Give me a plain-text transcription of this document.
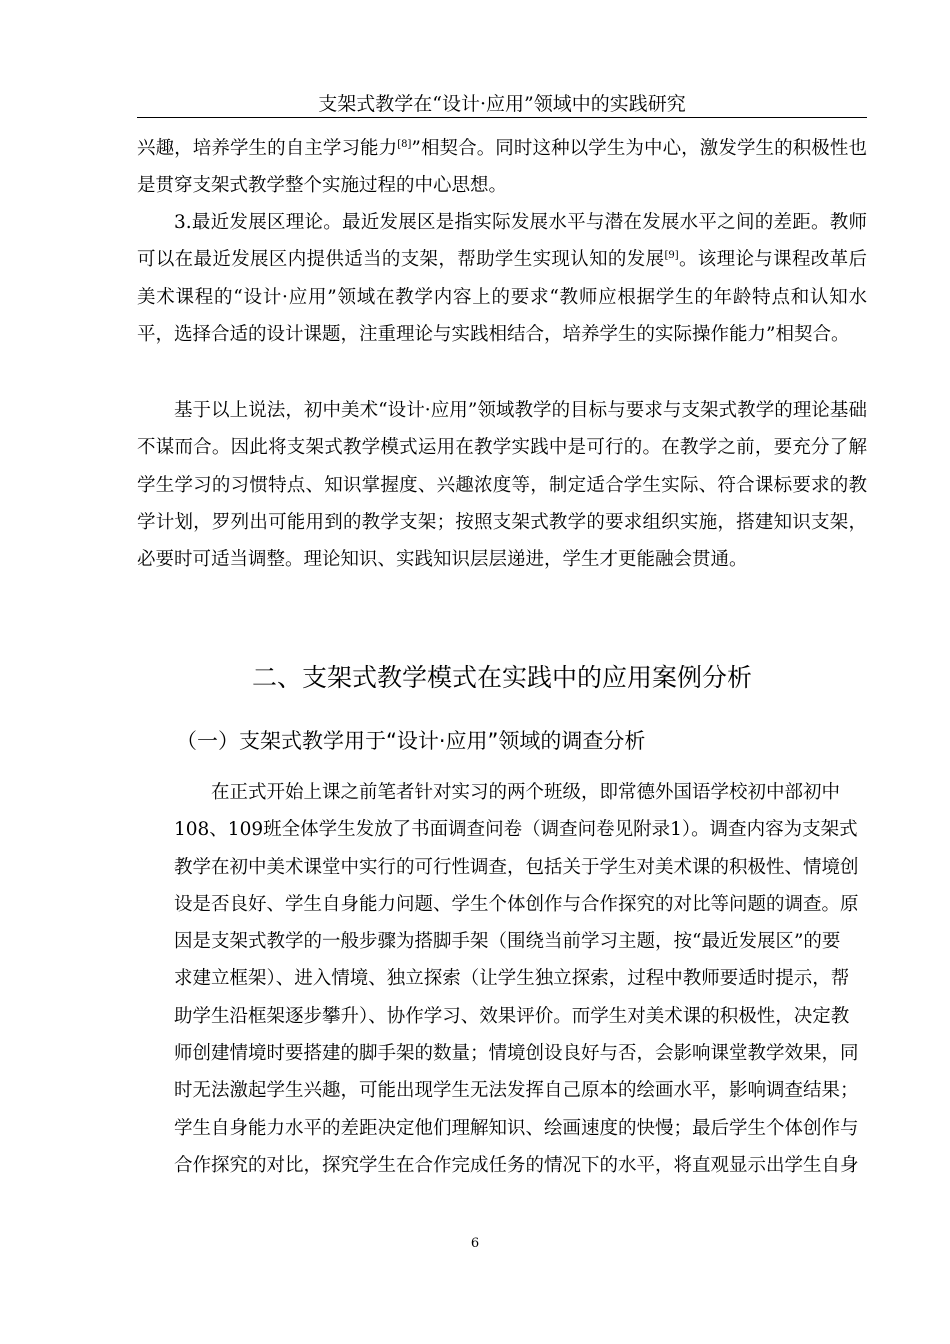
支架式教学在“设计·应用”领域中的实践研究

兴趣，培养学生的自主学习能力[8]”相契合。同时这种以学生为中心，激发学生的积极性也是贯穿支架式教学整个实施过程的中心思想。

3.最近发展区理论。最近发展区是指实际发展水平与潜在发展水平之间的差距。教师可以在最近发展区内提供适当的支架，帮助学生实现认知的发展[9]。该理论与课程改革后美术课程的“设计·应用”领域在教学内容上的要求“教师应根据学生的年龄特点和认知水平，选择合适的设计课题，注重理论与实践相结合，培养学生的实际操作能力”相契合。

基于以上说法，初中美术“设计·应用”领域教学的目标与要求与支架式教学的理论基础不谋而合。因此将支架式教学模式运用在教学实践中是可行的。在教学之前，要充分了解学生学习的习惯特点、知识掌握度、兴趣浓度等，制定适合学生实际、符合课标要求的教学计划，罗列出可能用到的教学支架；按照支架式教学的要求组织实施，搭建知识支架，必要时可适当调整。理论知识、实践知识层层递进，学生才更能融会贯通。

二、支架式教学模式在实践中的应用案例分析
（一）支架式教学用于“设计·应用”领域的调查分析
在正式开始上课之前笔者针对实习的两个班级，即常德外国语学校初中部初中
108、109班全体学生发放了书面调查问卷（调查问卷见附录1）。调查内容为支架式
教学在初中美术课堂中实行的可行性调查，包括关于学生对美术课的积极性、情境创
设是否良好、学生自身能力问题、学生个体创作与合作探究的对比等问题的调查。原
因是支架式教学的一般步骤为搭脚手架（围绕当前学习主题，按“最近发展区”的要
求建立框架）、进入情境、独立探索（让学生独立探索，过程中教师要适时提示，帮
助学生沿框架逐步攀升）、协作学习、效果评价。而学生对美术课的积极性，决定教
师创建情境时要搭建的脚手架的数量；情境创设良好与否，会影响课堂教学效果，同
时无法激起学生兴趣，可能出现学生无法发挥自己原本的绘画水平，影响调查结果；
学生自身能力水平的差距决定他们理解知识、绘画速度的快慢；最后学生个体创作与
合作探究的对比，探究学生在合作完成任务的情况下的水平，将直观显示出学生自身
6
